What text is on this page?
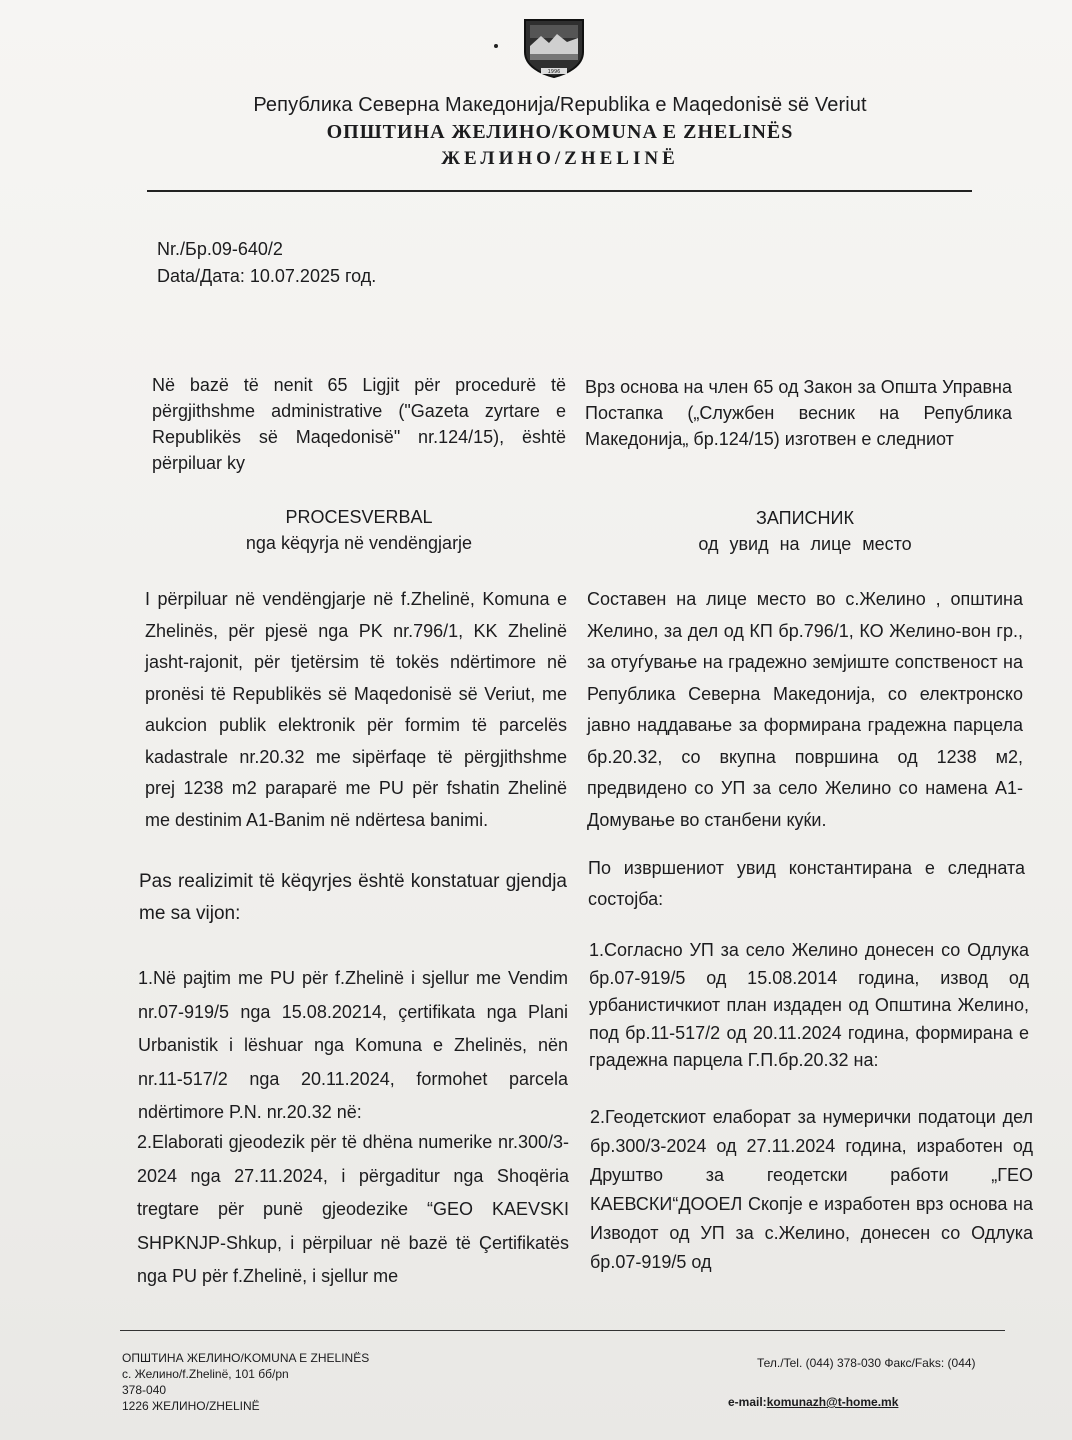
1996
Република Северна Македонија/Republika e Maqedonisë së Veriut
ОПШТИНА ЖЕЛИНО/KOMUNA E ZHELINËS
ЖЕЛИНО/ZHELINË
Nr./Бр.09-640/2
Data/Дата: 10.07.2025 год.

Në bazë të nenit 65 Ligjit për procedurë të përgjithshme administrative ("Gazeta zyrtare e Republikës së Maqedonisë" nr.124/15), është përpiluar ky

PROCESVERBAL
nga këqyrja në vendëngjarje

I përpiluar në vendëngjarje në f.Zhelinë, Komuna e Zhelinës, për pjesë nga PK nr.796/1, KK Zhelinë jasht-rajonit, për tjetërsim të tokës ndërtimore në pronësi të Republikës së Maqedonisë së Veriut, me aukcion publik elektronik për formim të parcelës kadastrale nr.20.32 me sipërfaqe të përgjithshme prej 1238 m2 paraparë me PU për fshatin Zhelinë me destinim A1-Banim në ndërtesa banimi.

Pas realizimit të këqyrjes është konstatuar gjendja me sa vijon:
1.Në pajtim me PU për f.Zhelinë i sjellur me Vendim nr.07-919/5 nga 15.08.20214, çertifikata nga Plani Urbanistik i lëshuar nga Komuna e Zhelinës, nën nr.11-517/2 nga 20.11.2024, formohet parcela ndërtimore P.N. nr.20.32 në:
2.Elaborati gjeodezik për të dhëna numerike nr.300/3-2024 nga 27.11.2024, i përgaditur nga Shoqëria tregtare për punë gjeodezike “GEO KAEVSKI SHPKNJP-Shkup, i përpiluar në bazë të Çertifikatës nga PU për f.Zhelinë, i sjellur me

Врз основа на член 65 од Закон за Општа Управна Постапка („Службен весник на Република Македонија„ бр.124/15) изготвен е следниот

ЗАПИСНИК
од увид на лице место

Составен на лице место во с.Желино , општина Желино, за дел од КП бр.796/1, КО Желино-вон гр., за отуѓување на градежно земјиште сопственост на Република Северна Македонија, со електронско јавно наддавање за формирана градежна парцела бр.20.32, со вкупна површина од 1238 м2, предвидено со УП за село Желино со намена А1-Домување во станбени куќи.

По извршениот увид константирана е следната состојба:
1.Согласно УП за село Желино донесен со Одлука бр.07-919/5 од 15.08.2014 година, извод од урбанистичкиот план издаден од Општина Желино, под бр.11-517/2 од 20.11.2024 година, формирана е градежна парцела Г.П.бр.20.32 на:
2.Геодетскиот елаборат за нумерички податоци дел бр.300/3-2024 од 27.11.2024 година, изработен од Друштво за геодетски работи „ГЕО КАЕВСКИ“ДООЕЛ Скопје е изработен врз основа на Изводот од УП за с.Желино, донесен со Одлука бр.07-919/5 од
ОПШТИНА ЖЕЛИНО/KOMUNA E ZHELINËS
с. Желино/f.Zhelinë, 101 бб/pn
378-040
1226 ЖЕЛИНО/ZHELINË
Тел./Tel. (044) 378-030 Факс/Faks: (044)
e-mail:komunazh@t-home.mk
